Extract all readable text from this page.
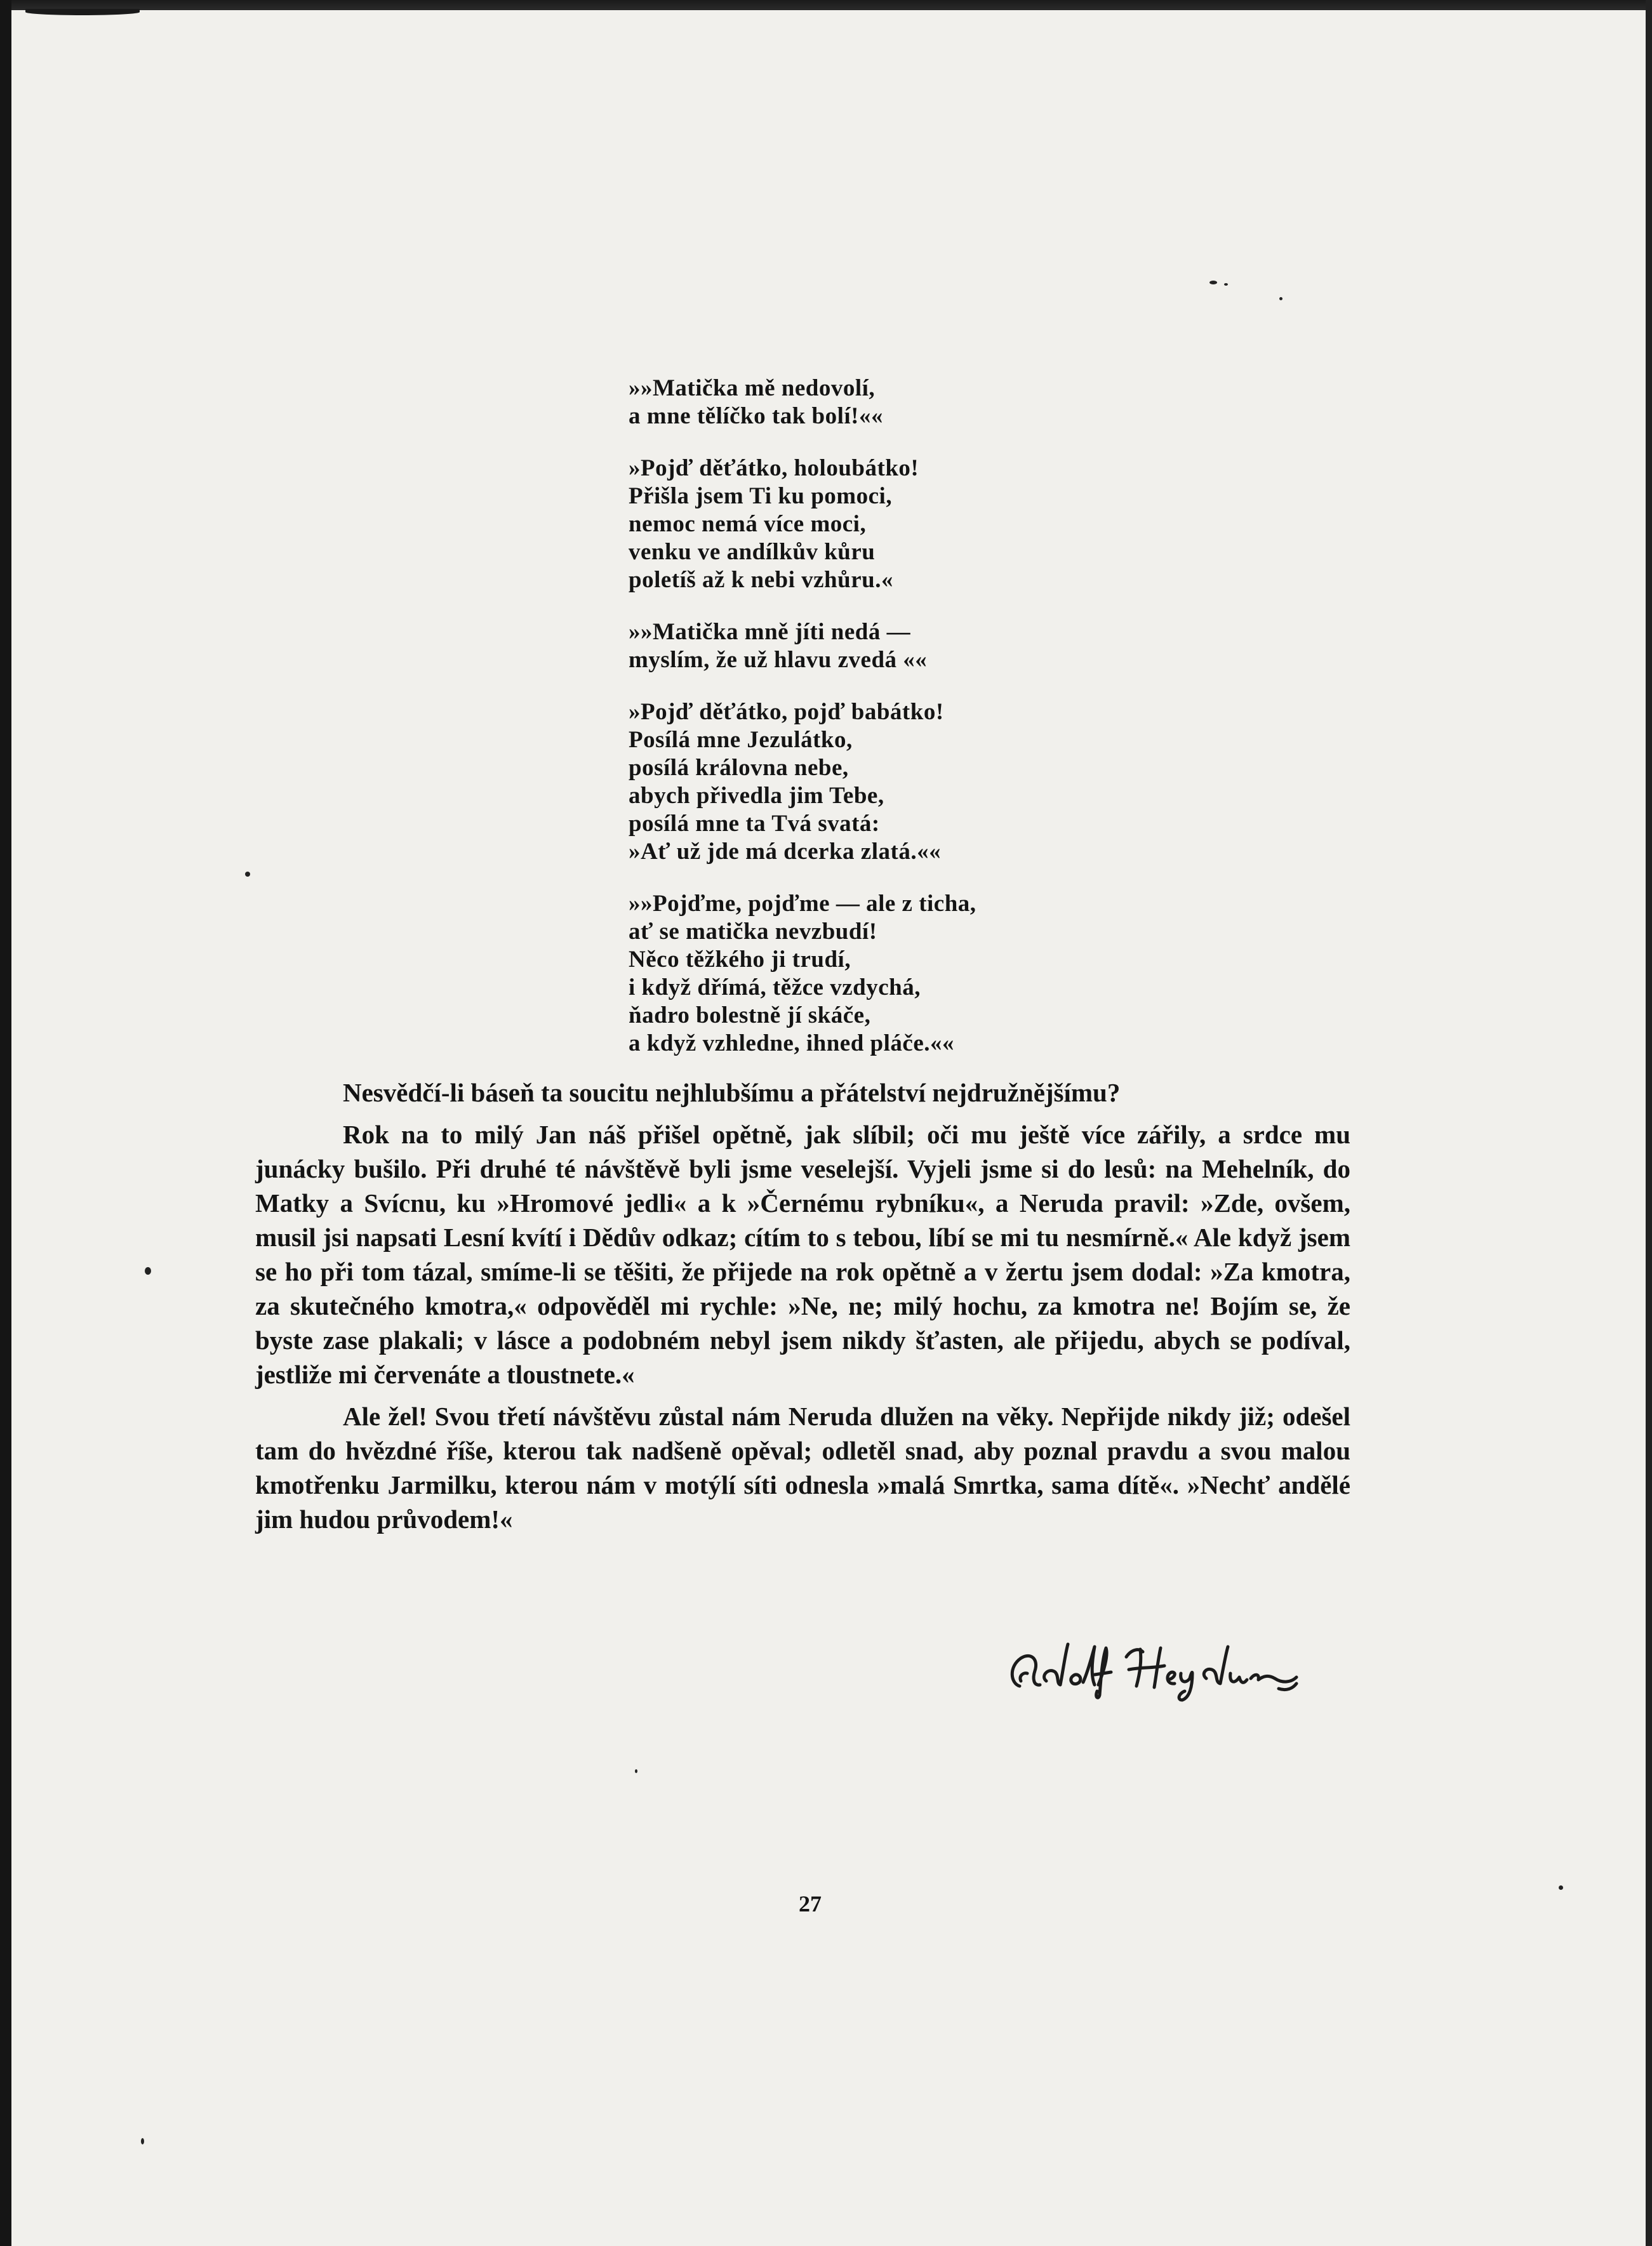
»»Matička mě nedovolí,
a mne tělíčko tak bolí!««
»Pojď děťátko, holoubátko!
Přišla jsem Ti ku pomoci,
nemoc nemá více moci,
venku ve andílkův kůru
poletíš až k nebi vzhůru.«
»»Matička mně jíti nedá —
myslím, že už hlavu zvedá ««
»Pojď děťátko, pojď babátko!
Posílá mne Jezulátko,
posílá královna nebe,
abych přivedla jim Tebe,
posílá mne ta Tvá svatá:
»Ať už jde má dcerka zlatá.««
»»Pojďme, pojďme — ale z ticha,
ať se matička nevzbudí!
Něco těžkého ji trudí,
i když dřímá, těžce vzdychá,
ňadro bolestně jí skáče,
a když vzhledne, ihned pláče.««

Nesvědčí-li báseň ta soucitu nejhlubšímu a přátelství nejdružnějšímu?

Rok na to milý Jan náš přišel opětně, jak slíbil; oči mu ještě více zářily, a srdce mu junácky bušilo. Při druhé té návštěvě byli jsme veselejší. Vyjeli jsme si do lesů: na Mehelník, do Matky a Svícnu, ku »Hromové jedli« a k »Černému rybníku«, a Neruda pravil: »Zde, ovšem, musil jsi napsati Lesní kvítí i Dědův odkaz; cítím to s tebou, líbí se mi tu nesmírně.« Ale když jsem se ho při tom tázal, smíme-li se těšiti, že přijede na rok opětně a v žertu jsem dodal: »Za kmotra, za skutečného kmotra,« odpověděl mi rychle: »Ne, ne; milý hochu, za kmotra ne! Bojím se, že byste zase plakali; v lásce a podobném nebyl jsem nikdy šťasten, ale přijedu, abych se podíval, jestliže mi červenáte a tloustnete.«

Ale žel! Svou třetí návštěvu zůstal nám Neruda dlužen na věky. Nepřijde nikdy již; odešel tam do hvězdné říše, kterou tak nadšeně opěval; odletěl snad, aby poznal pravdu a svou malou kmotřenku Jarmilku, kterou nám v motýlí síti odnesla »malá Smrtka, sama dítě«. »Nechť andělé jim hudou průvodem!«

27
